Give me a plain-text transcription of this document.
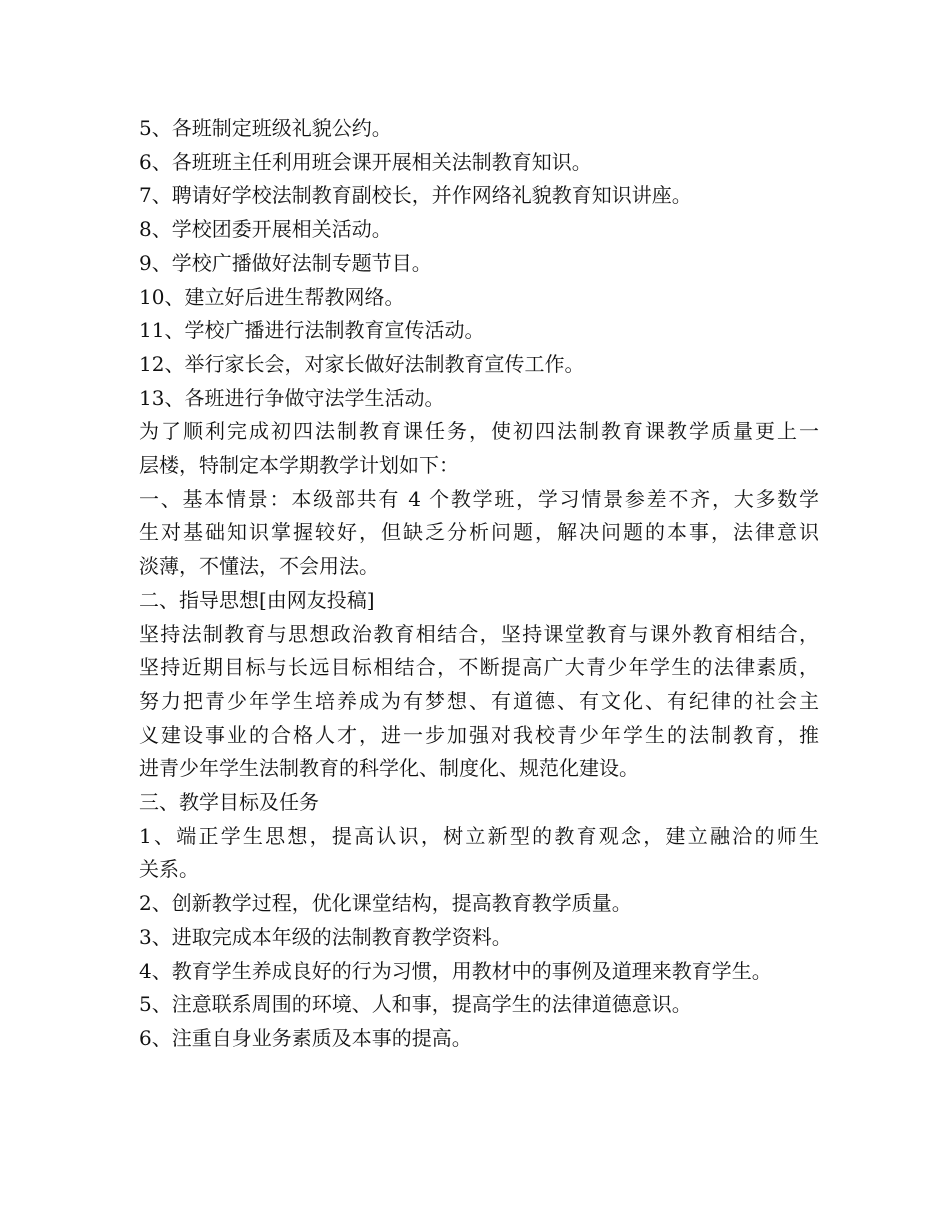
5、各班制定班级礼貌公约。

6、各班班主任利用班会课开展相关法制教育知识。

7、聘请好学校法制教育副校长，并作网络礼貌教育知识讲座。

8、学校团委开展相关活动。

9、学校广播做好法制专题节目。

10、建立好后进生帮教网络。

11、学校广播进行法制教育宣传活动。

12、举行家长会，对家长做好法制教育宣传工作。

13、各班进行争做守法学生活动。

为了顺利完成初四法制教育课任务，使初四法制教育课教学质量更上一

层楼，特制定本学期教学计划如下：

一、基本情景：本级部共有 4 个教学班，学习情景参差不齐，大多数学

生对基础知识掌握较好，但缺乏分析问题，解决问题的本事，法律意识

淡薄，不懂法，不会用法。

二、指导思想[由网友投稿]

坚持法制教育与思想政治教育相结合，坚持课堂教育与课外教育相结合，

坚持近期目标与长远目标相结合，不断提高广大青少年学生的法律素质，

努力把青少年学生培养成为有梦想、有道德、有文化、有纪律的社会主

义建设事业的合格人才，进一步加强对我校青少年学生的法制教育，推

进青少年学生法制教育的科学化、制度化、规范化建设。

三、教学目标及任务

1、端正学生思想，提高认识，树立新型的教育观念，建立融洽的师生

关系。

2、创新教学过程，优化课堂结构，提高教育教学质量。

3、进取完成本年级的法制教育教学资料。

4、教育学生养成良好的行为习惯，用教材中的事例及道理来教育学生。

5、注意联系周围的环境、人和事，提高学生的法律道德意识。

6、注重自身业务素质及本事的提高。
